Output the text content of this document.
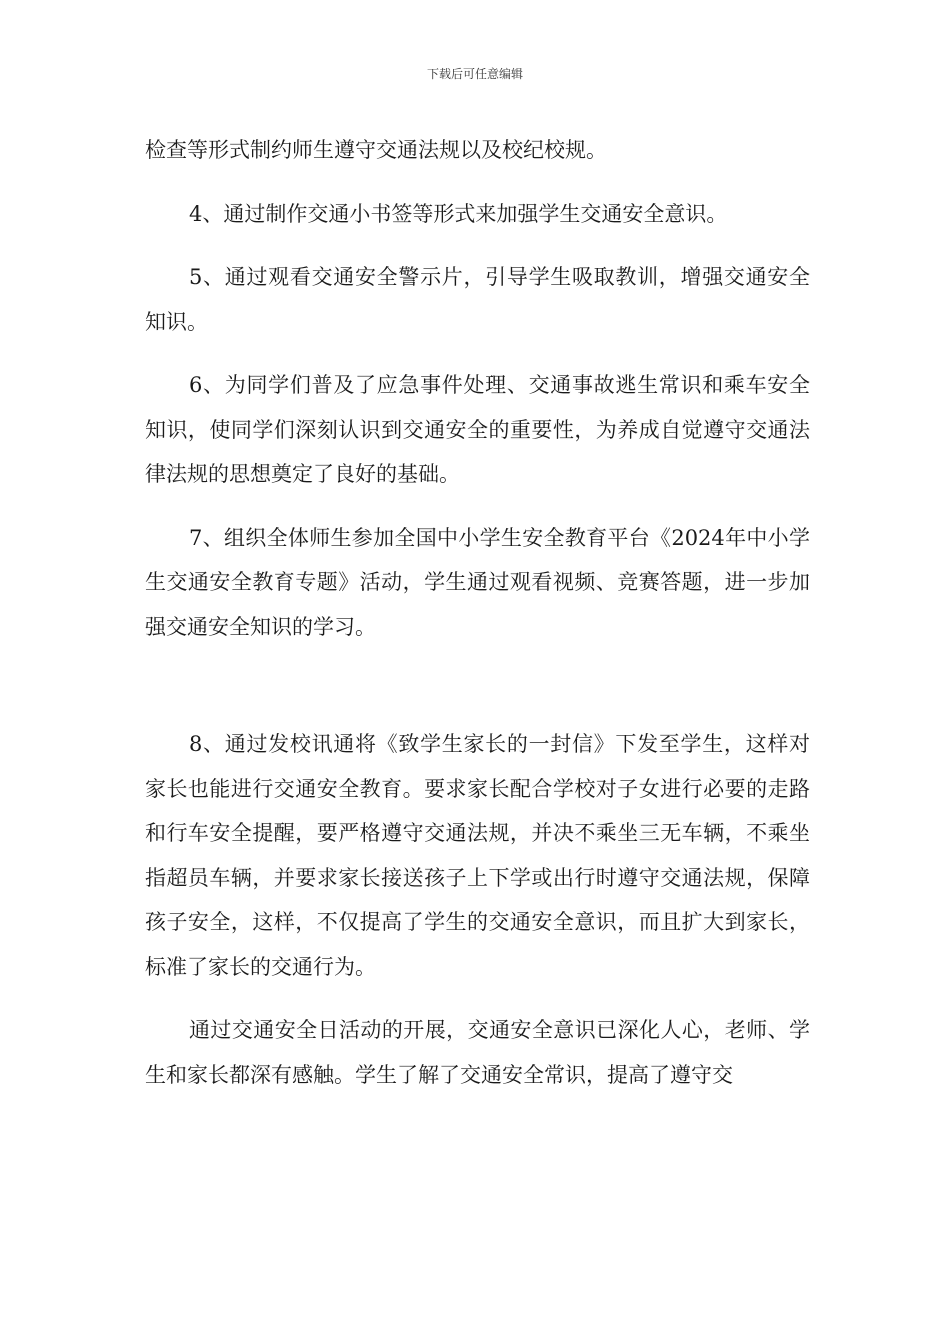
下载后可任意编辑

检查等形式制约师生遵守交通法规以及校纪校规。

4、通过制作交通小书签等形式来加强学生交通安全意识。

5、通过观看交通安全警示片，引导学生吸取教训，增强交通安全知识。

6、为同学们普及了应急事件处理、交通事故逃生常识和乘车安全知识，使同学们深刻认识到交通安全的重要性，为养成自觉遵守交通法律法规的思想奠定了良好的基础。

7、组织全体师生参加全国中小学生安全教育平台《2024年中小学生交通安全教育专题》活动，学生通过观看视频、竞赛答题，进一步加强交通安全知识的学习。

8、通过发校讯通将《致学生家长的一封信》下发至学生，这样对家长也能进行交通安全教育。要求家长配合学校对子女进行必要的走路和行车安全提醒，要严格遵守交通法规，并决不乘坐三无车辆，不乘坐指超员车辆，并要求家长接送孩子上下学或出行时遵守交通法规，保障孩子安全，这样，不仅提高了学生的交通安全意识，而且扩大到家长，标准了家长的交通行为。

通过交通安全日活动的开展，交通安全意识已深化人心，老师、学生和家长都深有感触。学生了解了交通安全常识，提高了遵守交
